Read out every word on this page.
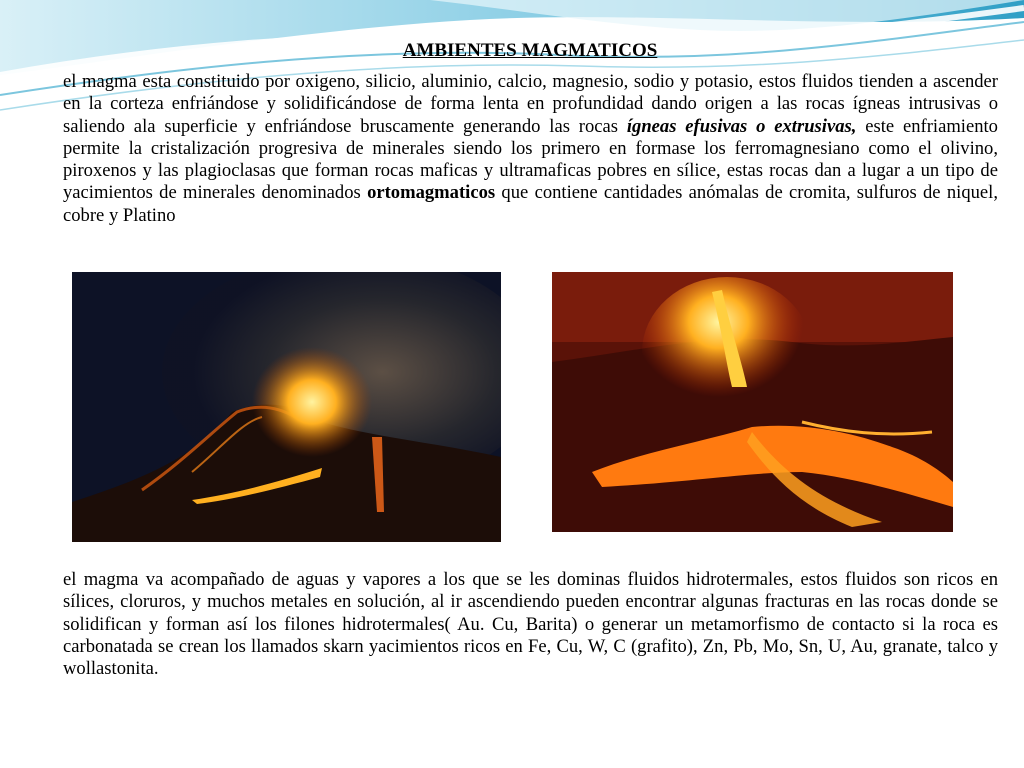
AMBIENTES MAGMATICOS
el magma esta constituido por oxigeno, silicio, aluminio, calcio, magnesio, sodio y potasio, estos fluidos tienden a ascender en la corteza enfriándose y solidificándose de forma lenta en profundidad dando origen a las rocas ígneas intrusivas o saliendo ala superficie y enfriándose bruscamente generando las rocas ígneas efusivas o extrusivas, este enfriamiento permite la cristalización progresiva de minerales siendo los primero en formase los ferromagnesiano como el olivino, piroxenos y las plagioclasas que forman rocas maficas y ultramaficas pobres en sílice, estas rocas dan a lugar a un tipo de yacimientos de minerales denominados ortomagmaticos que contiene cantidades anómalas de cromita, sulfuros de niquel, cobre y Platino
el magma va acompañado de aguas y vapores a los que se les dominas fluidos hidrotermales, estos fluidos son ricos en sílices, cloruros, y muchos metales en solución, al ir ascendiendo pueden encontrar algunas fracturas en las rocas donde se solidifican y forman así los filones hidrotermales( Au. Cu, Barita) o generar un metamorfismo de contacto si la roca es carbonatada se crean los llamados skarn yacimientos ricos en Fe, Cu, W, C (grafito), Zn, Pb, Mo, Sn, U, Au, granate, talco y wollastonita.
